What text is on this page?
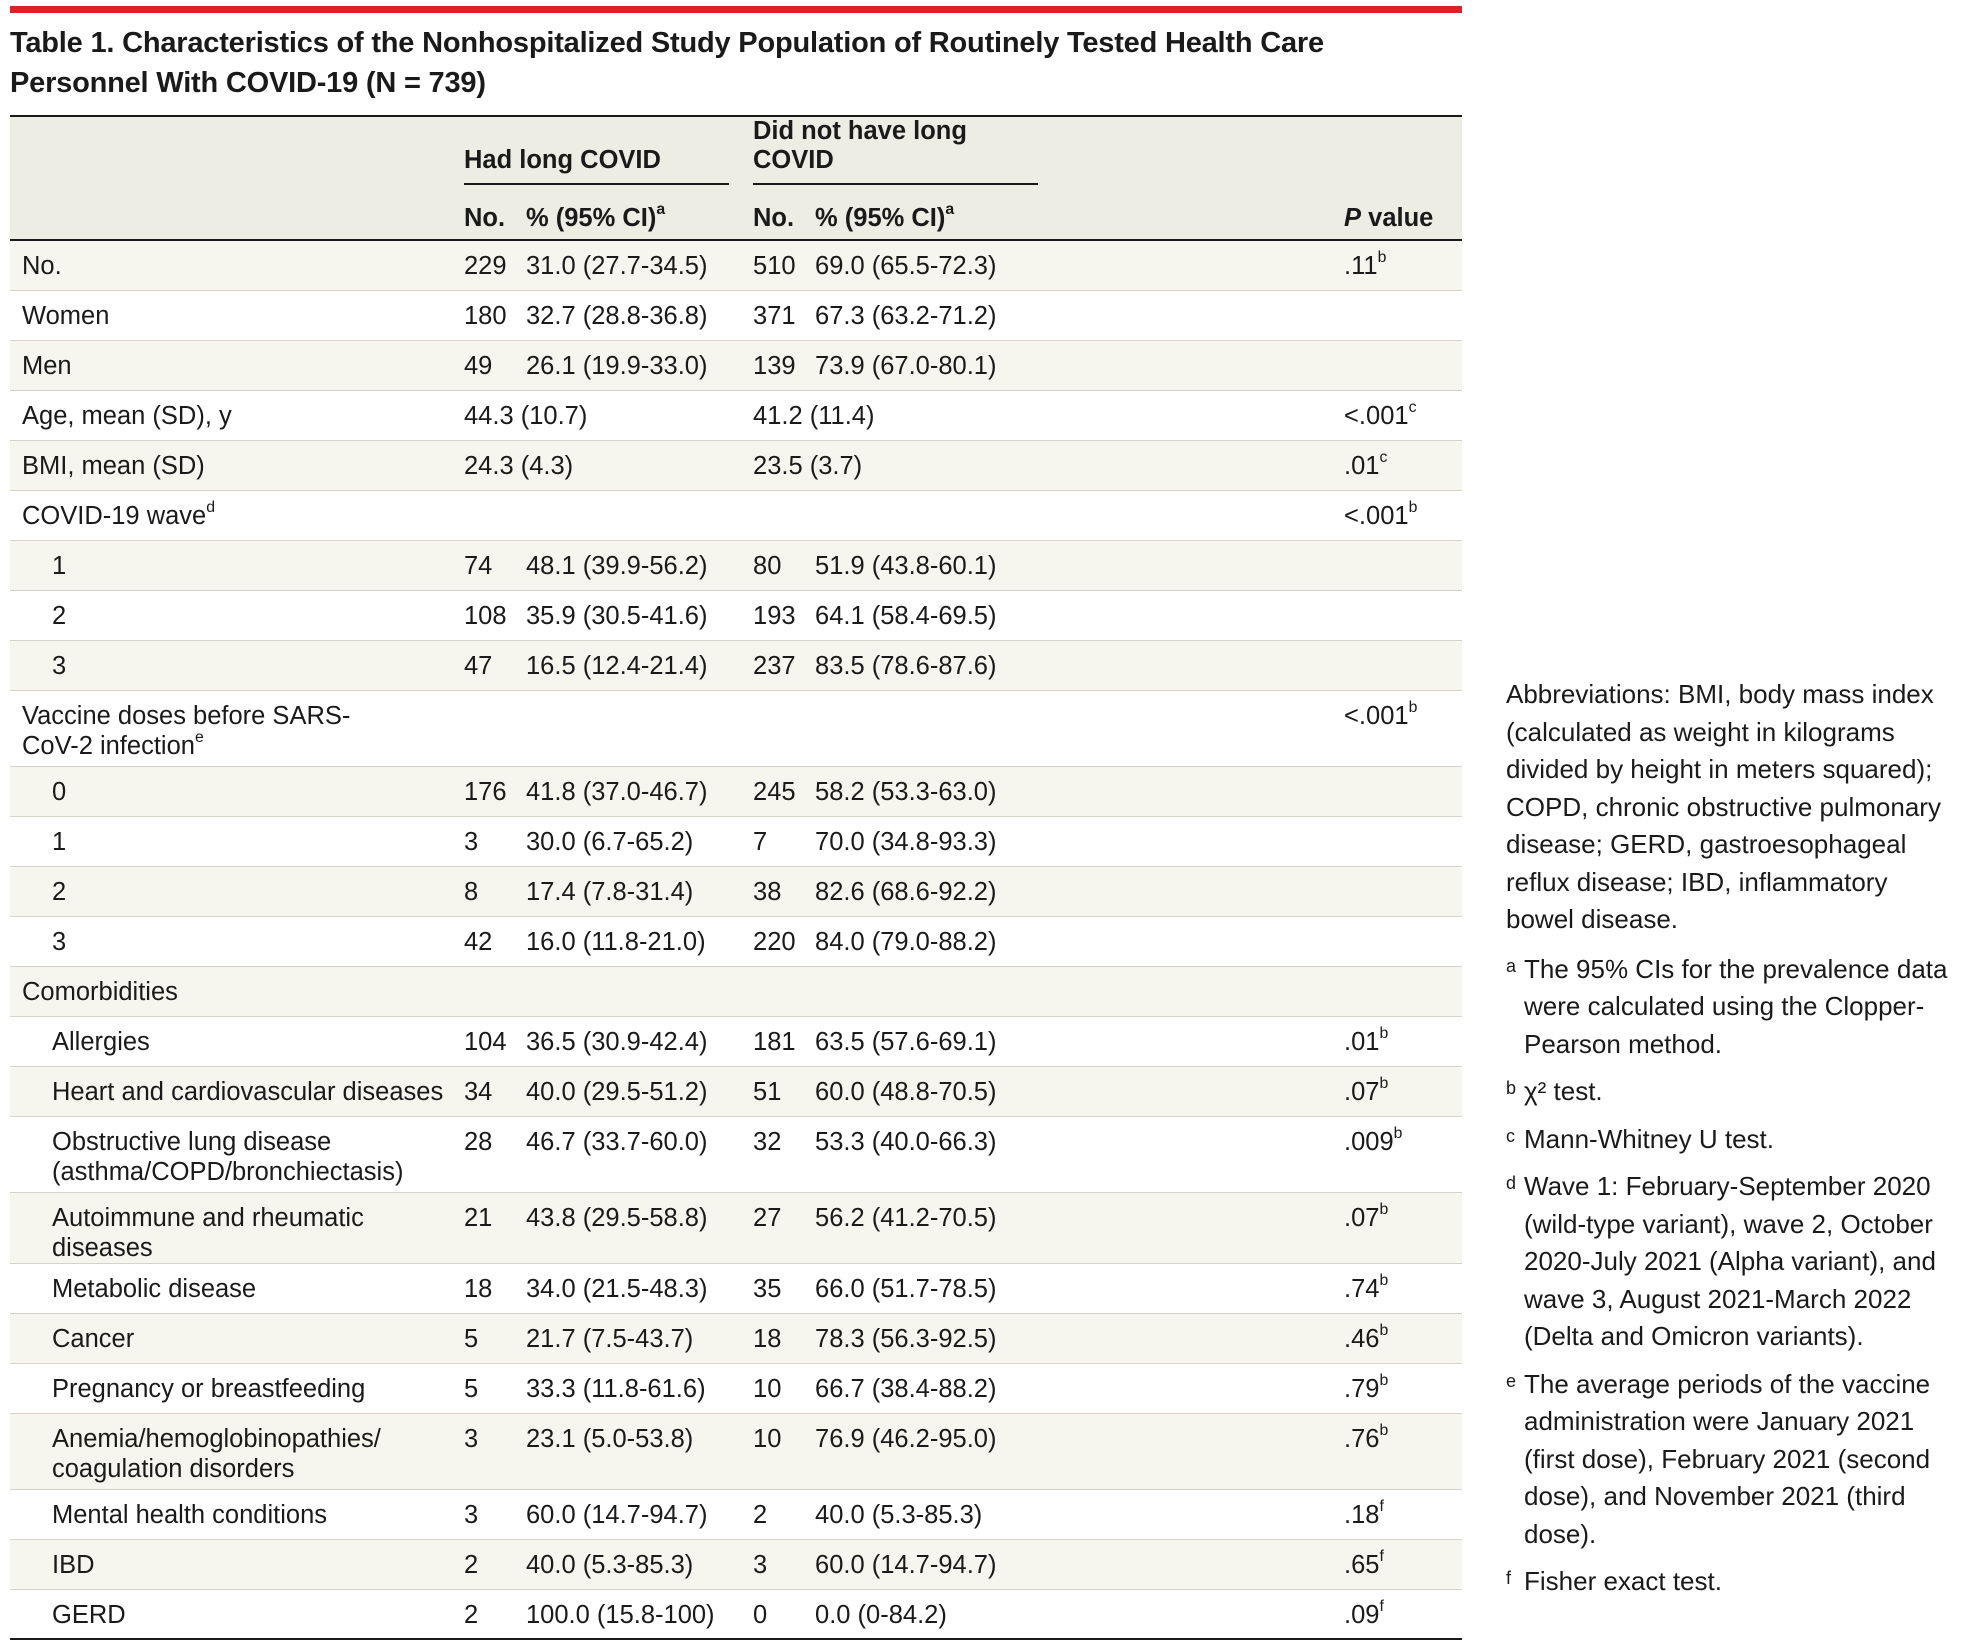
Table 1. Characteristics of the Nonhospitalized Study Population of Routinely Tested Health Care Personnel With COVID-19 (N = 739)

	Had long COVID		Did not have long COVID		

	No.	% (95% CI)$^a$	No.	% (95% CI)$^a$	P value
No.	229	31.0 (27.7-34.5)	510	69.0 (65.5-72.3)	.11$^b$
Women	180	32.7 (28.8-36.8)	371	67.3 (63.2-71.2)	
Men	49	26.1 (19.9-33.0)	139	73.9 (67.0-80.1)	
Age, mean (SD), y	44.3 (10.7)		41.2 (11.4)		<.001$^c$
BMI, mean (SD)	24.3 (4.3)		23.5 (3.7)		.01$^c$
COVID-19 wave$^d$					<.001$^b$
1	74	48.1 (39.9-56.2)	80	51.9 (43.8-60.1)	
2	108	35.9 (30.5-41.6)	193	64.1 (58.4-69.5)	
3	47	16.5 (12.4-21.4)	237	83.5 (78.6-87.6)	
Vaccine doses before SARS-CoV-2 infection$^e$					<.001$^b$
0	176	41.8 (37.0-46.7)	245	58.2 (53.3-63.0)	
1	3	30.0 (6.7-65.2)	7	70.0 (34.8-93.3)	
2	8	17.4 (7.8-31.4)	38	82.6 (68.6-92.2)	
3	42	16.0 (11.8-21.0)	220	84.0 (79.0-88.2)	
Comorbidities					
Allergies	104	36.5 (30.9-42.4)	181	63.5 (57.6-69.1)	.01$^b$
Heart and cardiovascular diseases	34	40.0 (29.5-51.2)	51	60.0 (48.8-70.5)	.07$^b$
Obstructive lung disease (asthma/COPD/bronchiectasis)	28	46.7 (33.7-60.0)	32	53.3 (40.0-66.3)	.009$^b$
Autoimmune and rheumatic diseases	21	43.8 (29.5-58.8)	27	56.2 (41.2-70.5)	.07$^b$
Metabolic disease	18	34.0 (21.5-48.3)	35	66.0 (51.7-78.5)	.74$^b$
Cancer	5	21.7 (7.5-43.7)	18	78.3 (56.3-92.5)	.46$^b$
Pregnancy or breastfeeding	5	33.3 (11.8-61.6)	10	66.7 (38.4-88.2)	.79$^b$
Anemia/hemoglobinopathies/ coagulation disorders	3	23.1 (5.0-53.8)	10	76.9 (46.2-95.0)	.76$^b$
Mental health conditions	3	60.0 (14.7-94.7)	2	40.0 (5.3-85.3)	.18$^f$
IBD	2	40.0 (5.3-85.3)	3	60.0 (14.7-94.7)	.65$^f$
GERD	2	100.0 (15.8-100)	0	0.0 (0-84.2)	.09$^f$

Abbreviations: BMI, body mass index (calculated as weight in kilograms divided by height in meters squared); COPD, chronic obstructive pulmonary disease; GERD, gastroesophageal reflux disease; IBD, inflammatory bowel disease.

a The 95% CIs for the prevalence data were calculated using the Clopper-Pearson method.
b χ² test.
c Mann-Whitney U test.
d Wave 1: February-September 2020 (wild-type variant), wave 2, October 2020-July 2021 (Alpha variant), and wave 3, August 2021-March 2022 (Delta and Omicron variants).
e The average periods of the vaccine administration were January 2021 (first dose), February 2021 (second dose), and November 2021 (third dose).
f Fisher exact test.
